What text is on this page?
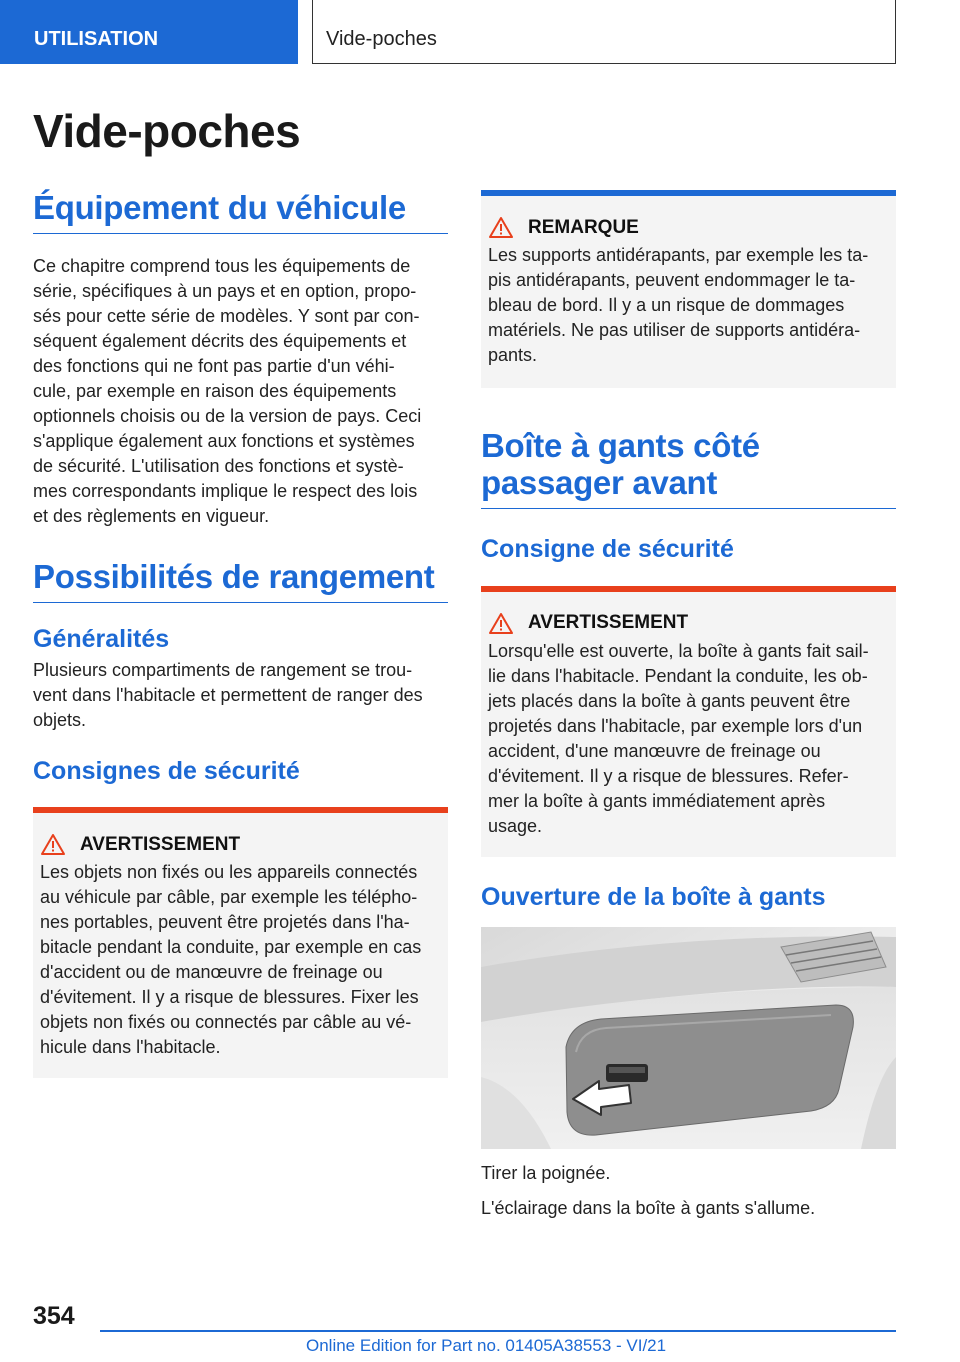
UTILISATION	Vide-poches
Vide-poches
Équipement du véhicule
Ce chapitre comprend tous les équipements de
série, spécifiques à un pays et en option, propo-
sés pour cette série de modèles. Y sont par con-
séquent également décrits des équipements et
des fonctions qui ne font pas partie d'un véhi-
cule, par exemple en raison des équipements
optionnels choisis ou de la version de pays. Ceci
s'applique également aux fonctions et systèmes
de sécurité. L'utilisation des fonctions et systè-
mes correspondants implique le respect des lois
et des règlements en vigueur.
Possibilités de rangement
Généralités
Plusieurs compartiments de rangement se trou-
vent dans l'habitacle et permettent de ranger des
objets.
Consignes de sécurité
AVERTISSEMENT
Les objets non fixés ou les appareils connectés
au véhicule par câble, par exemple les télépho-
nes portables, peuvent être projetés dans l'ha-
bitacle pendant la conduite, par exemple en cas
d'accident ou de manœuvre de freinage ou
d'évitement. Il y a risque de blessures. Fixer les
objets non fixés ou connectés par câble au vé-
hicule dans l'habitacle.
REMARQUE
Les supports antidérapants, par exemple les ta-
pis antidérapants, peuvent endommager le ta-
bleau de bord. Il y a un risque de dommages
matériels. Ne pas utiliser de supports antidéra-
pants.
Boîte à gants côté
passager avant
Consigne de sécurité
AVERTISSEMENT
Lorsqu'elle est ouverte, la boîte à gants fait sail-
lie dans l'habitacle. Pendant la conduite, les ob-
jets placés dans la boîte à gants peuvent être
projetés dans l'habitacle, par exemple lors d'un
accident, d'une manœuvre de freinage ou
d'évitement. Il y a risque de blessures. Refer-
mer la boîte à gants immédiatement après
usage.
Ouverture de la boîte à gants
Tirer la poignée.
L'éclairage dans la boîte à gants s'allume.
354
Online Edition for Part no. 01405A38553 - VI/21
